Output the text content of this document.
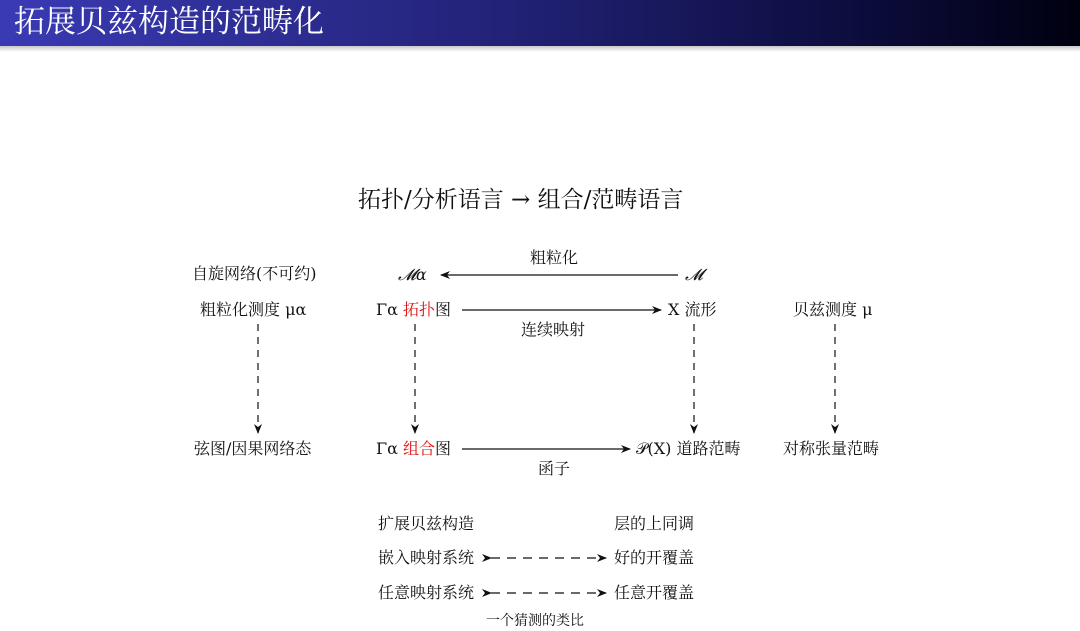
拓展贝兹构造的范畴化
拓扑/分析语言 → 组合/范畴语言
自旋网络(不可约)
粗粒化测度 μα
弦图/因果网络态
𝓜α
粗粒化
𝓜
Γα 拓扑图	X 流形
连续映射
Γα 组合图	𝒫(X) 道路范畴
函子
贝兹测度 μ
对称张量范畴
扩展贝兹构造	层的上同调
嵌入映射系统	好的开覆盖
任意映射系统	任意开覆盖
一个猜测的类比
